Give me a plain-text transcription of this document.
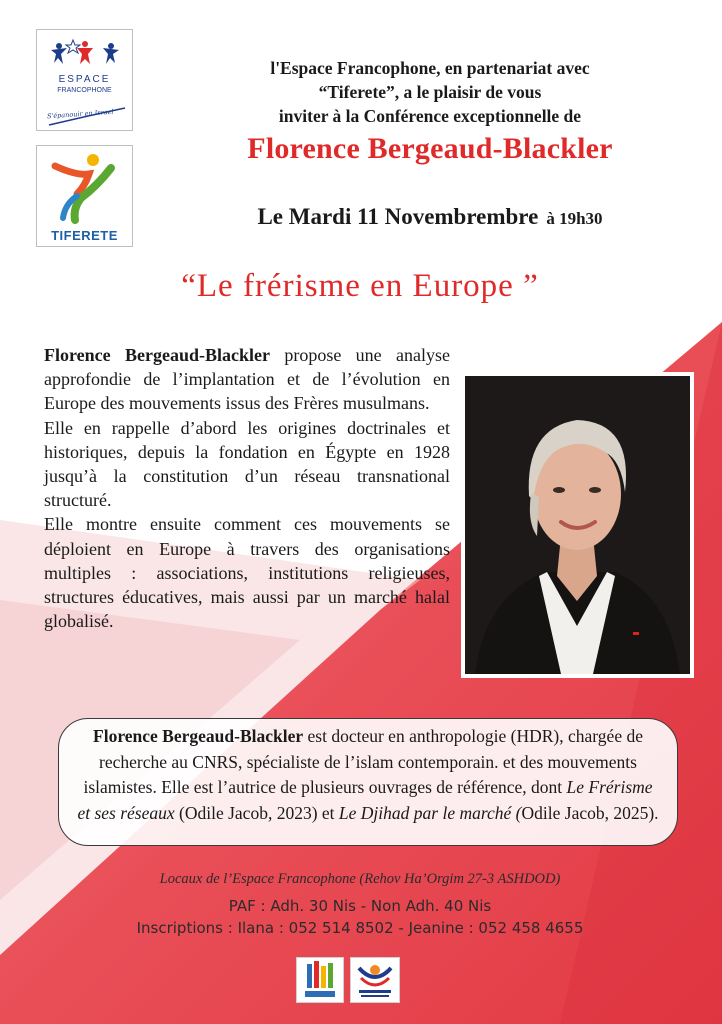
ESPACE
FRANCOPHONE
S'épanouir en Israel
TIFERETE
l'Espace Francophone, en partenariat avec
“Tiferete”, a le plaisir de vous
inviter à la Conférence exceptionnelle de
Florence Bergeaud-Blackler
Le Mardi 11 Novembrembre à 19h30
“Le frérisme en Europe ”

Florence Bergeaud-Blackler propose une analyse approfondie de l’implantation et de l’évolution en Europe des mouvements issus des Frères musulmans.

Elle en rappelle d’abord les origines doctrinales et historiques, depuis la fondation en Égypte en 1928 jusqu’à la constitution d’un réseau transnational structuré.

Elle montre ensuite comment ces mouvements se déploient en Europe à travers des organisations multiples : associations, institutions religieuses, structures éducatives, mais aussi par un marché halal globalisé.

Florence Bergeaud-Blackler est docteur en anthropologie (HDR), chargée de recherche au CNRS, spécialiste de l’islam contemporain. et des mouvements islamistes. Elle est l’autrice de plusieurs ouvrages de référence, dont Le Frérisme et ses réseaux (Odile Jacob, 2023) et Le Djihad par le marché (Odile Jacob, 2025).
Locaux de l’Espace Francophone (Rehov Ha’Orgim 27-3 ASHDOD)
PAF : Adh. 30 Nis - Non Adh. 40 Nis
Inscriptions : Ilana : 052 514 8502 - Jeanine : 052 458 4655
